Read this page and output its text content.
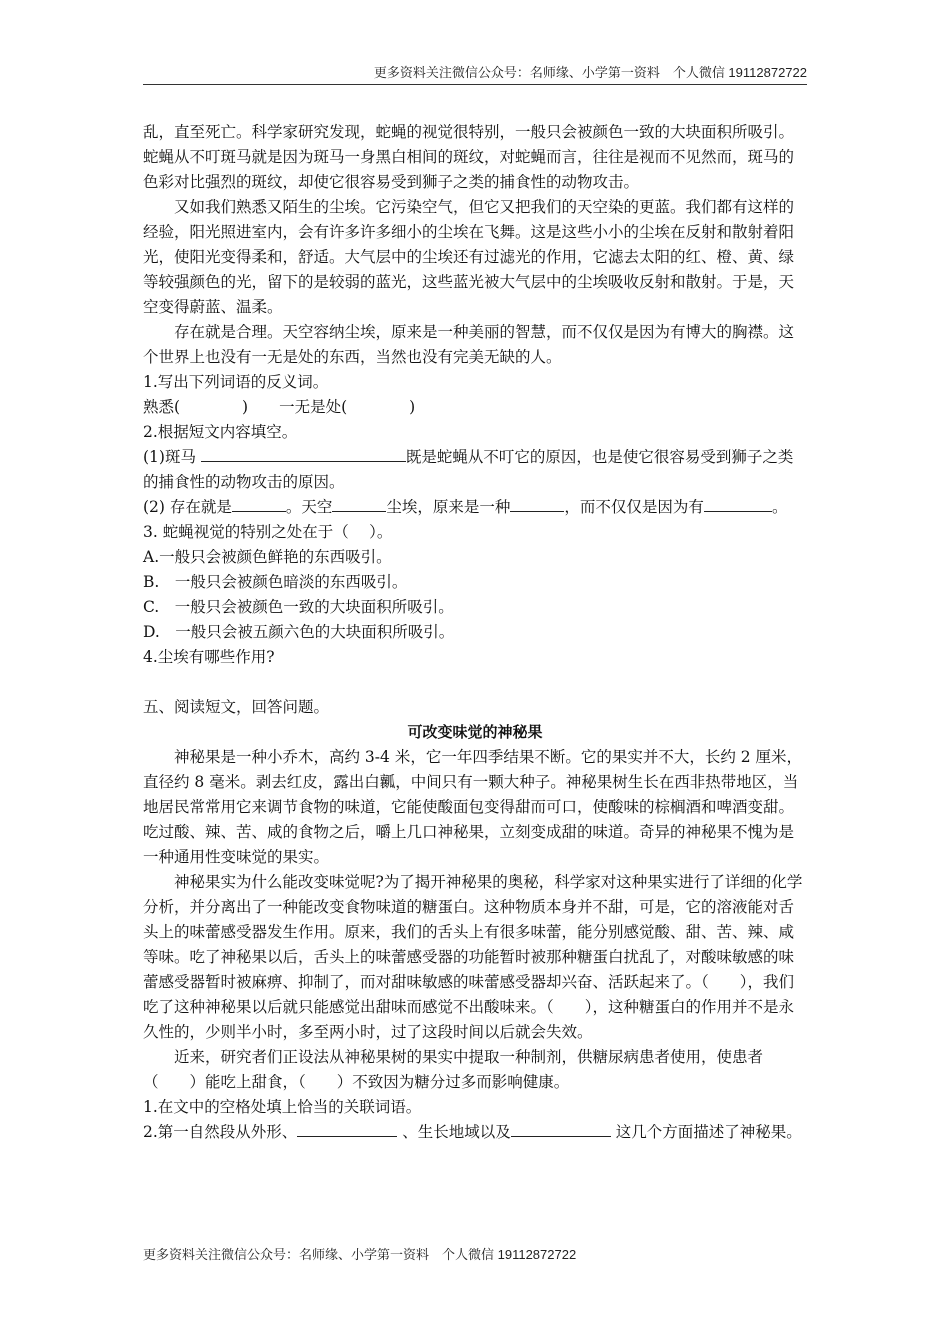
更多资料关注微信公众号：名师缘、小学第一资料　个人微信 19112872722

乱，直至死亡。科学家研究发现，蛇蝇的视觉很特别，一般只会被颜色一致的大块面积所吸引。蛇蝇从不叮斑马就是因为斑马一身黑白相间的斑纹，对蛇蝇而言，往往是视而不见然而，斑马的色彩对比强烈的斑纹，却使它很容易受到狮子之类的捕食性的动物攻击。

又如我们熟悉又陌生的尘埃。它污染空气，但它又把我们的天空染的更蓝。我们都有这样的经验，阳光照进室内，会有许多许多细小的尘埃在飞舞。这是这些小小的尘埃在反射和散射着阳光，使阳光变得柔和，舒适。大气层中的尘埃还有过滤光的作用，它滤去太阳的红、橙、黄、绿等较强颜色的光，留下的是较弱的蓝光，这些蓝光被大气层中的尘埃吸收反射和散射。于是，天空变得蔚蓝、温柔。

存在就是合理。天空容纳尘埃，原来是一种美丽的智慧，而不仅仅是因为有博大的胸襟。这个世界上也没有一无是处的东西，当然也没有完美无缺的人。

1.写出下列词语的反义词。

熟悉(　　　　)　　一无是处(　　　　)

2.根据短文内容填空。

(1)斑马	既是蛇蝇从不叮它的原因，也是使它很容易受到狮子之类的捕食性的动物攻击的原因。

(2) 存在就是	。天空	尘埃，原来是一种	，而不仅仅是因为有	。

3. 蛇蝇视觉的特别之处在于（　 ）。

A.一般只会被颜色鲜艳的东西吸引。

B.　一般只会被颜色暗淡的东西吸引。

C.　一般只会被颜色一致的大块面积所吸引。

D.　一般只会被五颜六色的大块面积所吸引。

4.尘埃有哪些作用?

五、阅读短文，回答问题。

可改变味觉的神秘果

神秘果是一种小乔木，高约 3-4 米，它一年四季结果不断。它的果实并不大，长约 2 厘米，直径约 8 毫米。剥去红皮，露出白瓤，中间只有一颗大种子。神秘果树生长在西非热带地区，当地居民常常用它来调节食物的味道，它能使酸面包变得甜而可口，使酸味的棕榈酒和啤酒变甜。吃过酸、辣、苦、咸的食物之后，嚼上几口神秘果，立刻变成甜的味道。奇异的神秘果不愧为是一种通用性变味觉的果实。

神秘果实为什么能改变味觉呢?为了揭开神秘果的奥秘，科学家对这种果实进行了详细的化学分析，并分离出了一种能改变食物味道的糖蛋白。这种物质本身并不甜，可是，它的溶液能对舌头上的味蕾感受器发生作用。原来，我们的舌头上有很多味蕾，能分别感觉酸、甜、苦、辣、咸等味。吃了神秘果以后，舌头上的味蕾感受器的功能暂时被那种糖蛋白扰乱了，对酸味敏感的味蕾感受器暂时被麻痹、抑制了，而对甜味敏感的味蕾感受器却兴奋、活跃起来了。（　　），我们吃了这种神秘果以后就只能感觉出甜味而感觉不出酸味来。（　　），这种糖蛋白的作用并不是永久性的，少则半小时，多至两小时，过了这段时间以后就会失效。

近来，研究者们正设法从神秘果树的果实中提取一种制剂，供糖尿病患者使用，使患者（　　）能吃上甜食，（　　）不致因为糖分过多而影响健康。

1.在文中的空格处填上恰当的关联词语。

2.第一自然段从外形、	、生长地域以及	这几个方面描述了神秘果。

更多资料关注微信公众号：名师缘、小学第一资料　个人微信 19112872722
